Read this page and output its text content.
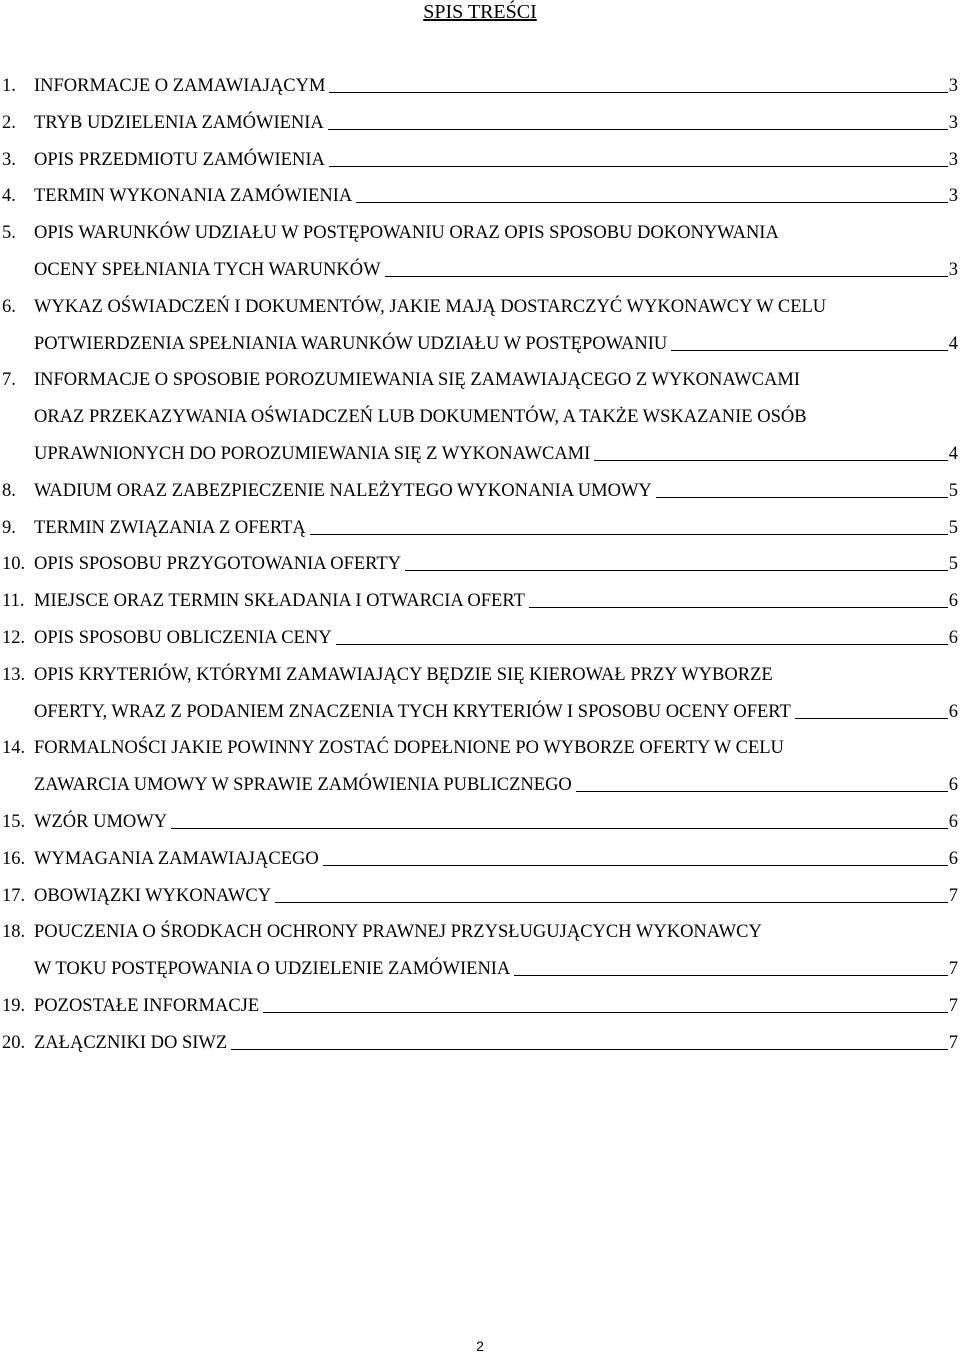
SPIS TREŚCI
1. INFORMACJE O ZAMAWIAJĄCYM	3
2. TRYB UDZIELENIA ZAMÓWIENIA	3
3. OPIS PRZEDMIOTU ZAMÓWIENIA	3
4. TERMIN WYKONANIA ZAMÓWIENIA	3
5. OPIS WARUNKÓW UDZIAŁU W POSTĘPOWANIU ORAZ OPIS SPOSOBU DOKONYWANIA
OCENY SPEŁNIANIA TYCH WARUNKÓW	3
6. WYKAZ OŚWIADCZEŃ I DOKUMENTÓW, JAKIE MAJĄ DOSTARCZYĆ WYKONAWCY W CELU
POTWIERDZENIA SPEŁNIANIA WARUNKÓW UDZIAŁU W POSTĘPOWANIU	4
7. INFORMACJE O SPOSOBIE POROZUMIEWANIA SIĘ ZAMAWIAJĄCEGO Z WYKONAWCAMI
ORAZ PRZEKAZYWANIA OŚWIADCZEŃ LUB DOKUMENTÓW, A TAKŻE WSKAZANIE OSÓB
UPRAWNIONYCH DO POROZUMIEWANIA SIĘ Z WYKONAWCAMI	4
8. WADIUM ORAZ ZABEZPIECZENIE NALEŻYTEGO WYKONANIA UMOWY	5
9. TERMIN ZWIĄZANIA Z OFERTĄ	5
10. OPIS SPOSOBU PRZYGOTOWANIA OFERTY	5
11. MIEJSCE ORAZ TERMIN SKŁADANIA I OTWARCIA OFERT	6
12. OPIS SPOSOBU OBLICZENIA CENY	6
13. OPIS KRYTERIÓW, KTÓRYMI ZAMAWIAJĄCY BĘDZIE SIĘ KIEROWAŁ PRZY WYBORZE
OFERTY, WRAZ Z PODANIEM ZNACZENIA TYCH KRYTERIÓW I SPOSOBU OCENY OFERT	6
14. FORMALNOŚCI JAKIE POWINNY ZOSTAĆ DOPEŁNIONE PO WYBORZE OFERTY W CELU
ZAWARCIA UMOWY W SPRAWIE ZAMÓWIENIA PUBLICZNEGO	6
15. WZÓR UMOWY	6
16. WYMAGANIA ZAMAWIAJĄCEGO	6
17. OBOWIĄZKI WYKONAWCY	7
18. POUCZENIA O ŚRODKACH OCHRONY PRAWNEJ PRZYSŁUGUJĄCYCH WYKONAWCY
W TOKU POSTĘPOWANIA O UDZIELENIE ZAMÓWIENIA	7
19. POZOSTAŁE INFORMACJE	7
20. ZAŁĄCZNIKI DO SIWZ	7
2
